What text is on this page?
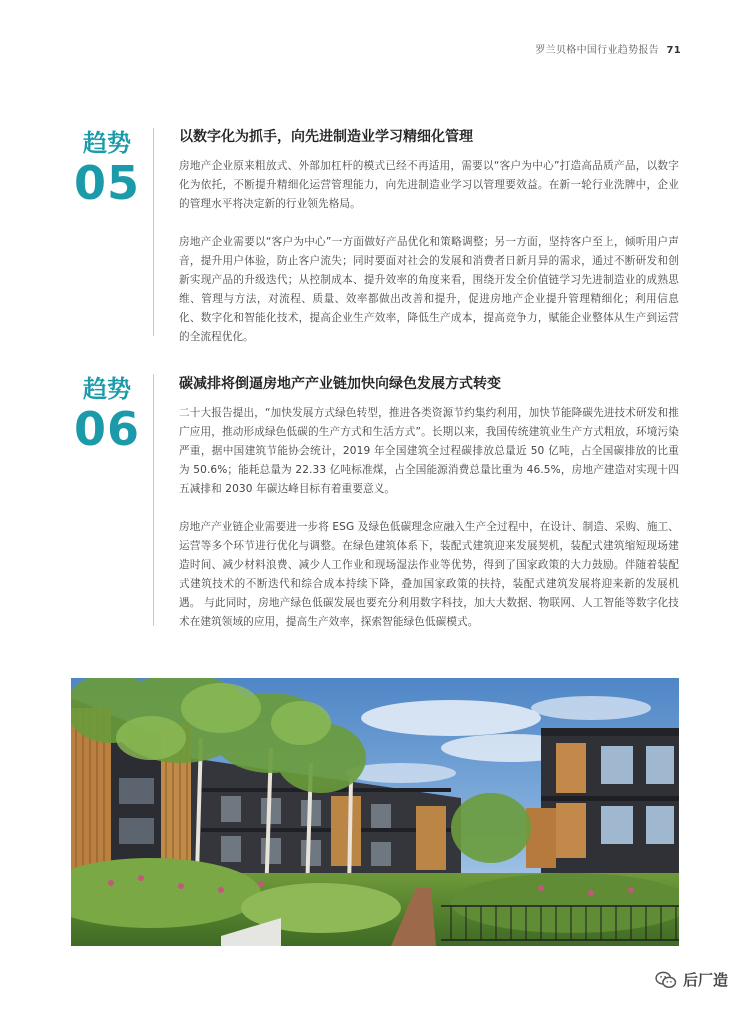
罗兰贝格中国行业趋势报告 71
趋势
05
以数字化为抓手，向先进制造业学习精细化管理

房地产企业原来粗放式、外部加杠杆的模式已经不再适用，需要以“客户为中心”打造高品质产品，以数字化为依托，不断提升精细化运营管理能力，向先进制造业学习以管理要效益。在新一轮行业洗牌中，企业的管理水平将决定新的行业领先格局。

房地产企业需要以“客户为中心”一方面做好产品优化和策略调整；另一方面，坚持客户至上，倾听用户声音，提升用户体验，防止客户流失；同时要面对社会的发展和消费者日新月异的需求，通过不断研发和创新实现产品的升级迭代；从控制成本、提升效率的角度来看，围绕开发全价值链学习先进制造业的成熟思维、管理与方法，对流程、质量、效率都做出改善和提升，促进房地产企业提升管理精细化；利用信息化、数字化和智能化技术，提高企业生产效率，降低生产成本，提高竞争力，赋能企业整体从生产到运营的全流程优化。

趋势
06
碳减排将倒逼房地产产业链加快向绿色发展方式转变

二十大报告提出，“加快发展方式绿色转型，推进各类资源节约集约利用，加快节能降碳先进技术研发和推广应用，推动形成绿色低碳的生产方式和生活方式”。长期以来，我国传统建筑业生产方式粗放，环境污染严重，据中国建筑节能协会统计，2019 年全国建筑全过程碳排放总量近 50 亿吨，占全国碳排放的比重为 50.6%；能耗总量为 22.33 亿吨标准煤，占全国能源消费总量比重为 46.5%，房地产建造对实现十四五减排和 2030 年碳达峰目标有着重要意义。

房地产产业链企业需要进一步将 ESG 及绿色低碳理念应融入生产全过程中，在设计、制造、采购、施工、运营等多个环节进行优化与调整。在绿色建筑体系下，装配式建筑迎来发展契机，装配式建筑缩短现场建造时间、减少材料浪费、减少人工作业和现场湿法作业等优势，得到了国家政策的大力鼓励。伴随着装配式建筑技术的不断迭代和综合成本持续下降，叠加国家政策的扶持，装配式建筑发展将迎来新的发展机遇。 与此同时，房地产绿色低碳发展也要充分利用数字科技，加大大数据、物联网、人工智能等数字化技术在建筑领域的应用，提高生产效率，探索智能绿色低碳模式。

后厂造
